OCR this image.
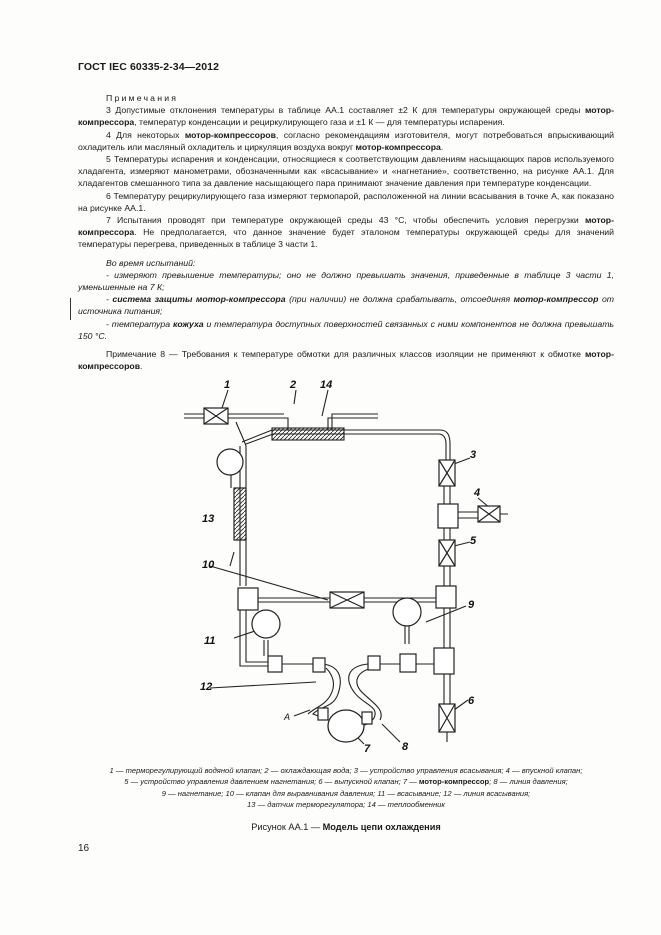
ГОСТ IEC 60335-2-34—2012

Примечания

3 Допустимые отклонения температуры в таблице АА.1 составляет ±2 К для температуры окружающей среды мотор-компрессора, температур конденсации и рециркулирующего газа и ±1 К — для температуры испарения.

4 Для некоторых мотор-компрессоров, согласно рекомендациям изготовителя, могут потребоваться впрыскивающий охладитель или масляный охладитель и циркуляция воздуха вокруг мотор-компрессора.

5 Температуры испарения и конденсации, относящиеся к соответствующим давлениям насыщающих паров используемого хладагента, измеряют манометрами, обозначенными как «всасывание» и «нагнетание», соответственно, на рисунке АА.1. Для хладагентов смешанного типа за давление насыщающего пара принимают значение давления при температуре конденсации.

6 Температуру рециркулирующего газа измеряют термопарой, расположенной на линии всасывания в точке А, как показано на рисунке АА.1.

7 Испытания проводят при температуре окружающей среды 43 °С, чтобы обеспечить условия перегрузки мотор-компрессора. Не предполагается, что данное значение будет эталоном температуры окружающей среды для значений температуры перегрева, приведенных в таблице 3 части 1.

Во время испытаний:

- измеряют превышение температуры; оно не должно превышать значения, приведенные в таблице 3 части 1, уменьшенные на 7 К;

- система защиты мотор-компрессора (при наличии) не должна срабатывать, отсоединяя мотор-компрессор от источника питания;

- температура кожуха и температура доступных поверхностей связанных с ними компонентов не должна превышать 150 °С.

Примечание 8 — Требования к температуре обмотки для различных классов изоляции не применяют к обмотке мотор-компрессоров.

1	2 14
3
4
5
13
10
11
9
12
A
6
7	8
1 — терморегулирующий водяной клапан; 2 — охлаждающая вода; 3 — устройство управления всасывания; 4 — впускной клапан;
5 — устройство управления давлением нагнетания; 6 — выпускной клапан; 7 — мотор-компрессор; 8 — линия давления;
9 — нагнетание; 10 — клапан для выравнивания давления; 11 — всасывание; 12 — линия всасывания;
13 — датчик терморегулятора; 14 — теплообменник
Рисунок АА.1 — Модель цепи охлаждения
16
